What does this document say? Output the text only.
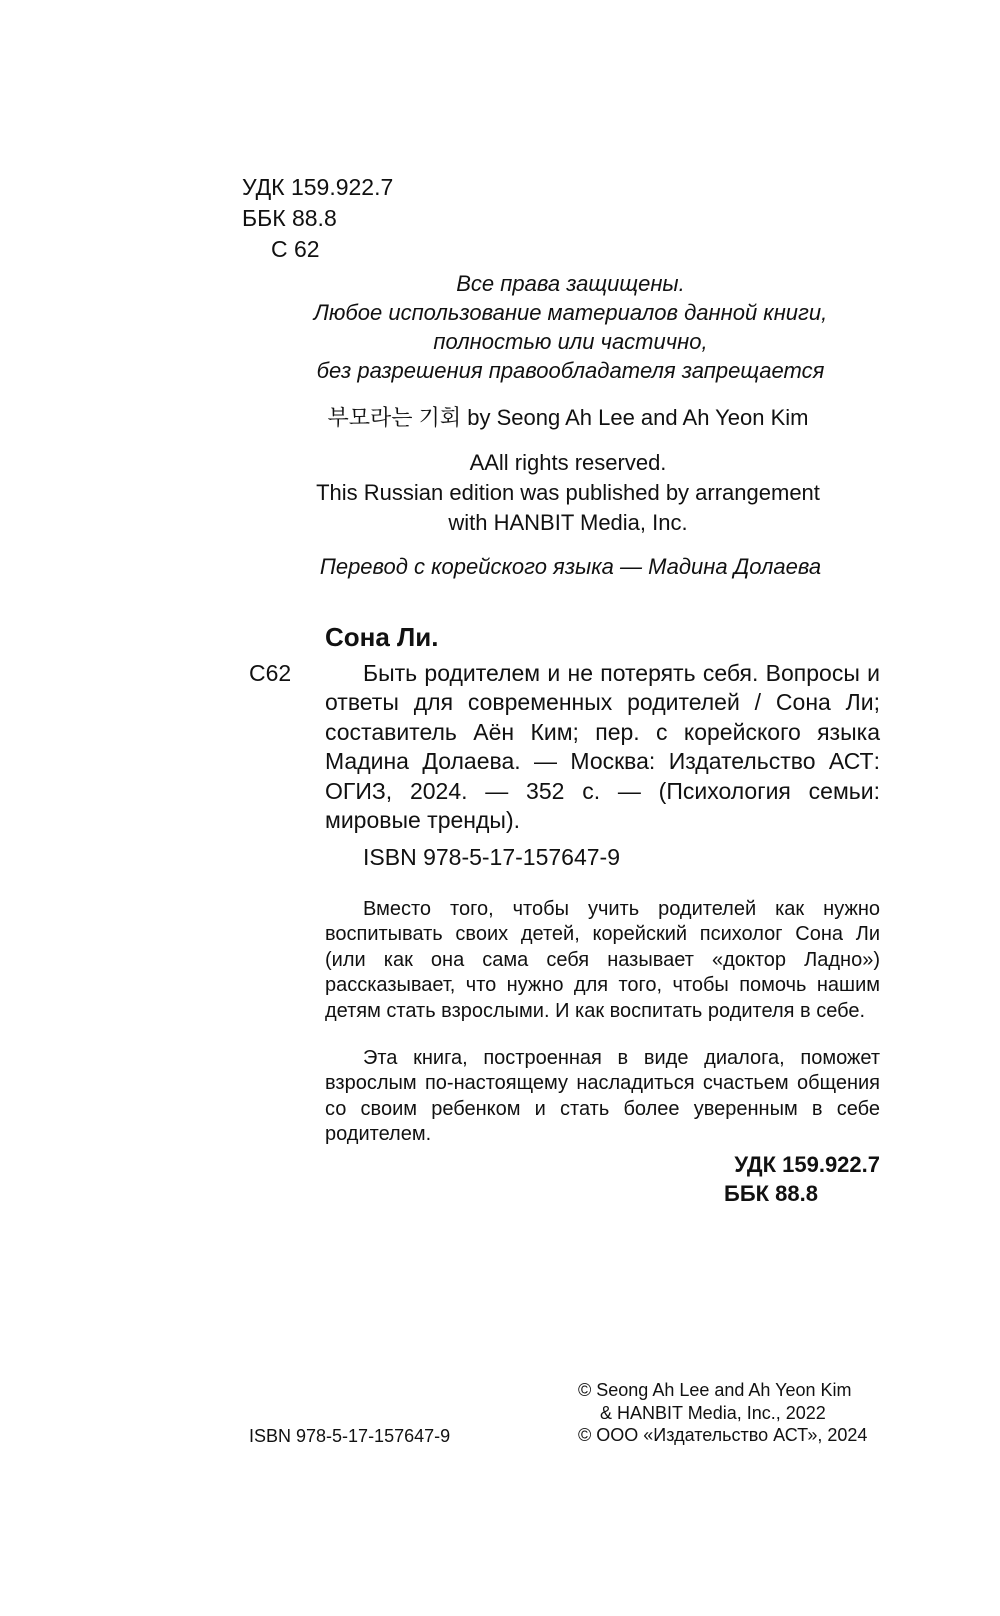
УДК 159.922.7
ББК 88.8
С 62
Все права защищены.
Любое использование материалов данной книги,
полностью или частично,
без разрешения правообладателя запрещается
부모라는 기회 by Seong Ah Lee and Ah Yeon Kim
AAll rights reserved.
This Russian edition was published by arrangement
with HANBIT Media, Inc.
Перевод с корейского языка — Мадина Долаева
Сона Ли.
С62	Быть родителем и не потерять себя. Вопросы и ответы для современных родителей / Сона Ли; составитель Аён Ким; пер. с корейского языка Мадина Долаева. — Москва: Издательство АСТ: ОГИЗ, 2024. — 352 с. — (Психология семьи: мировые тренды).
ISBN 978-5-17-157647-9

Вместо того, чтобы учить родителей как нужно воспитывать своих детей, корейский психолог Сона Ли (или как она сама себя называет «доктор Ладно») рассказывает, что нужно для того, чтобы помочь нашим детям стать взрослыми. И как воспитать родителя в себе.

Эта книга, построенная в виде диалога, поможет взрослым по-настоящему насладиться счастьем общения со своим ребенком и стать более уверенным в себе родителем.

УДК 159.922.7
ББК 88.8
ISBN 978-5-17-157647-9
© Seong Ah Lee and Ah Yeon Kim
& HANBIT Media, Inc., 2022
© ООО «Издательство АСТ», 2024
